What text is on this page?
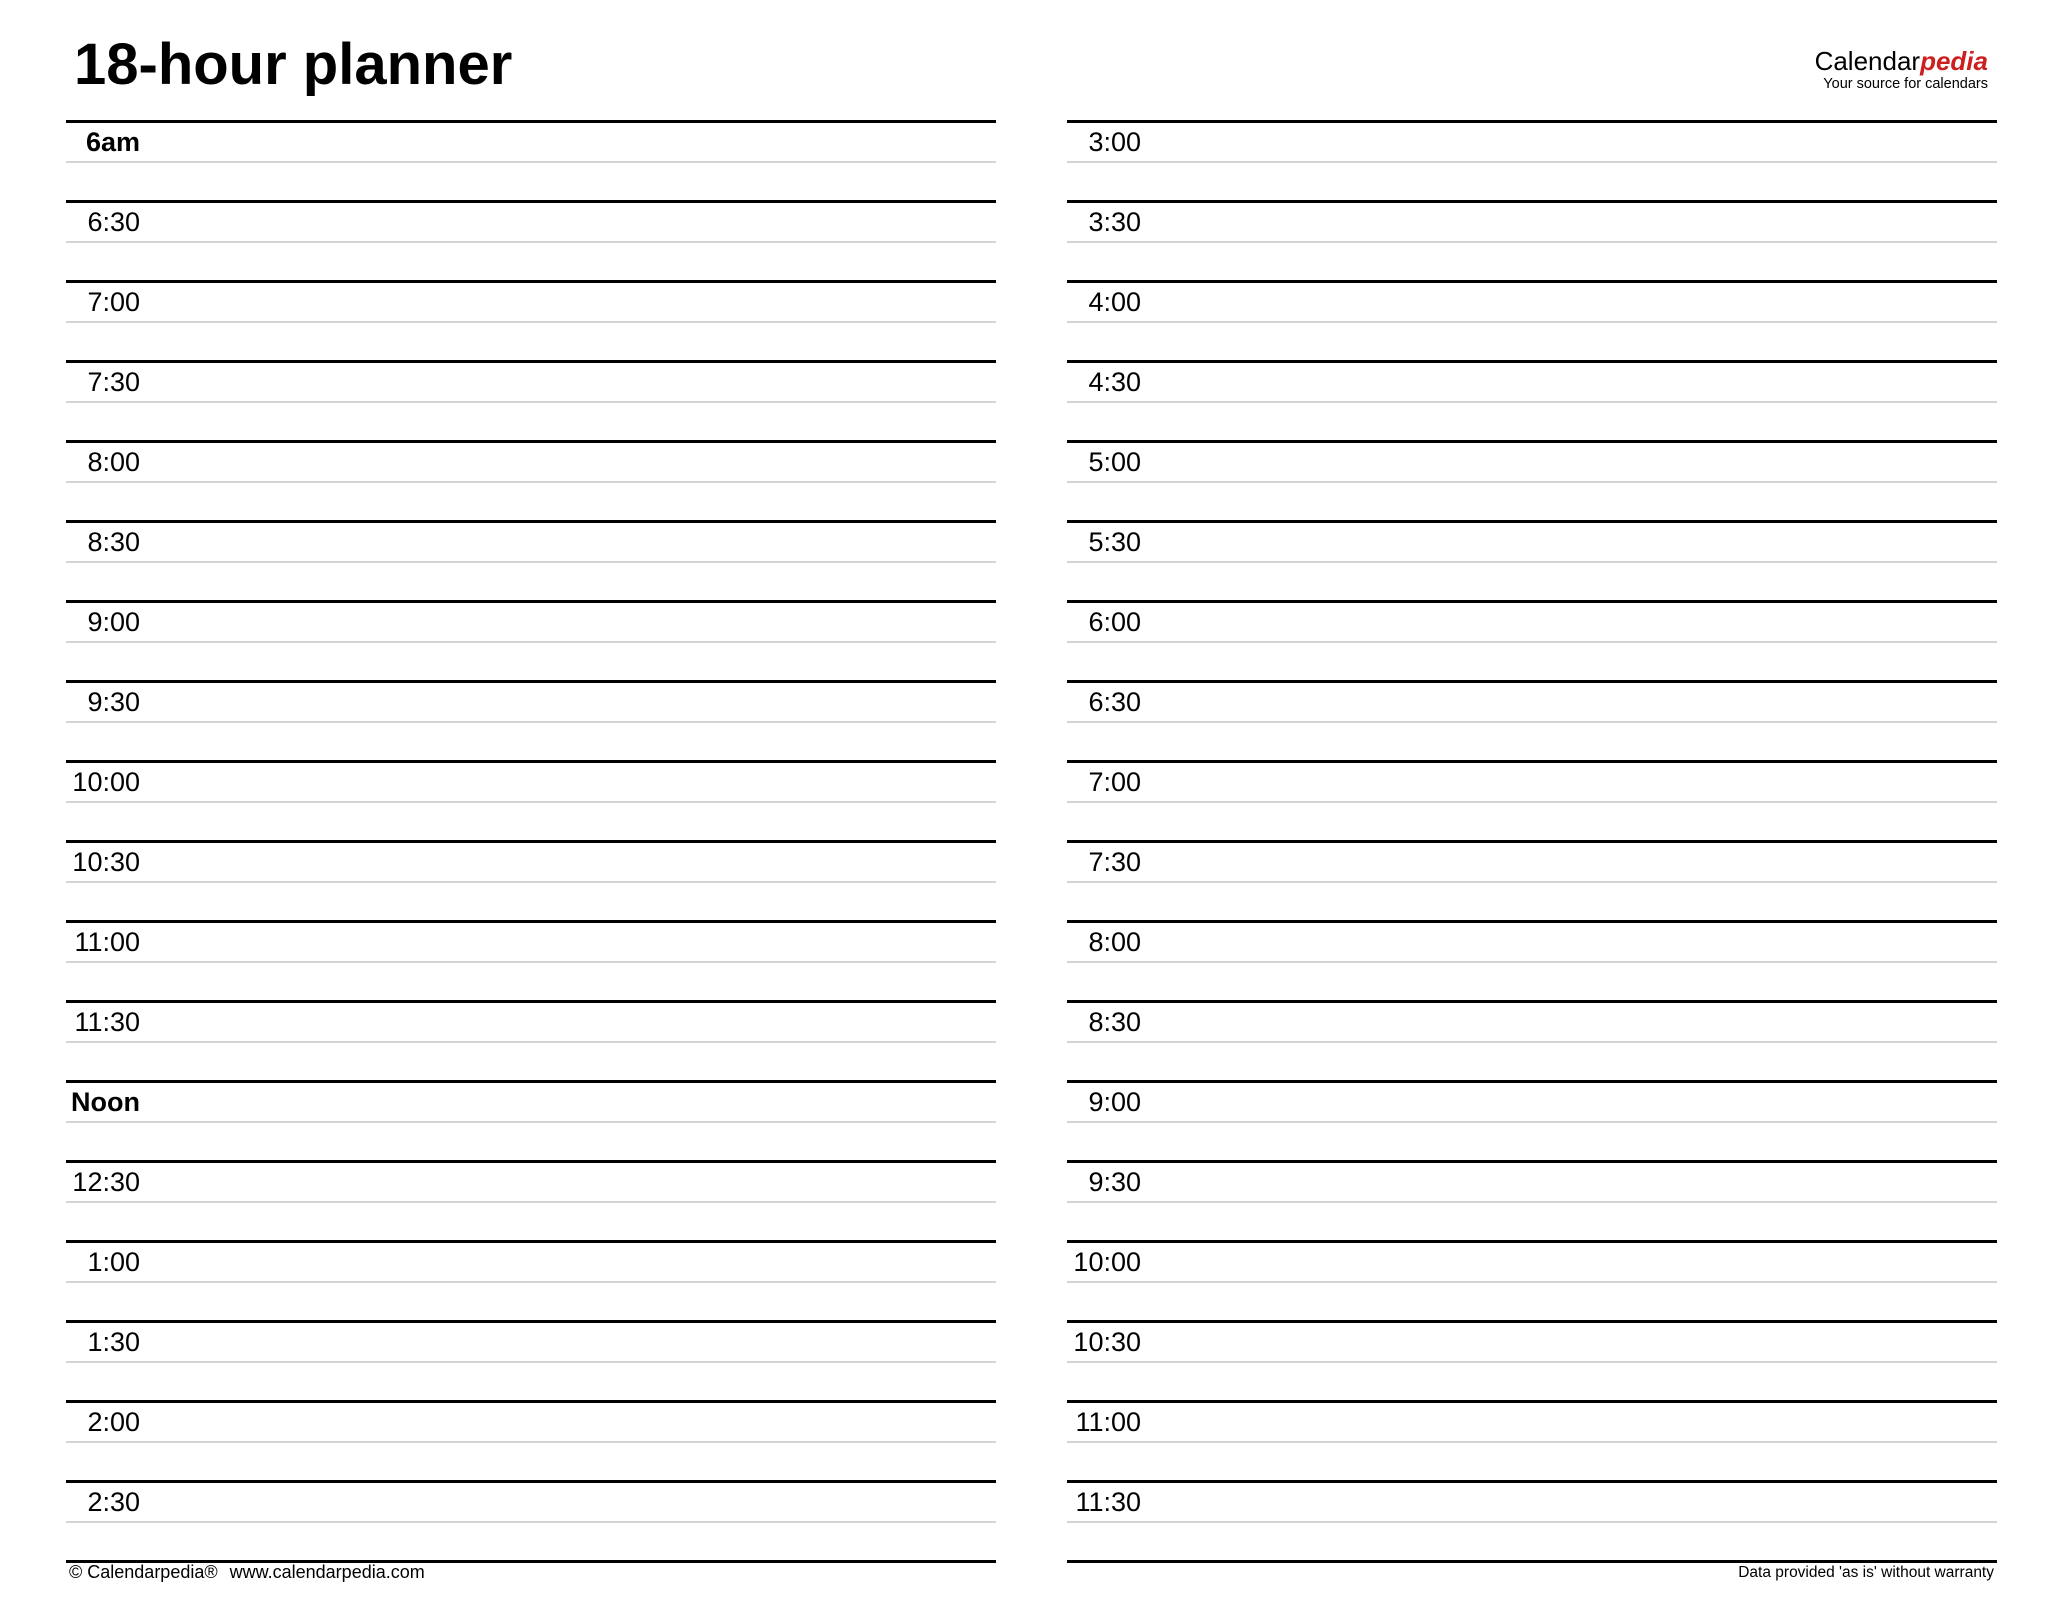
18-hour planner	Calendarpedia
Your source for calendars
6am
6:30
7:00
7:30
8:00
8:30
9:00
9:30
10:00
10:30
11:00
11:30
Noon
12:30
1:00
1:30
2:00
2:30
3:00
3:30
4:00
4:30
5:00
5:30
6:00
6:30
7:00
7:30
8:00
8:30
9:00
9:30
10:00
10:30
11:00
11:30
© Calendarpedia® www.calendarpedia.com	Data provided 'as is' without warranty
